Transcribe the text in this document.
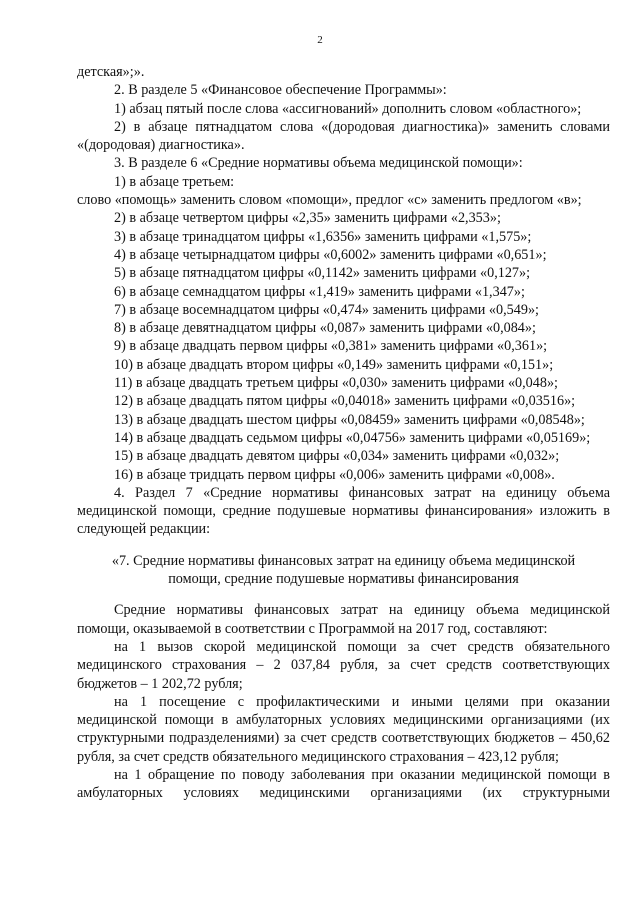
2

детская»;».

2. В разделе 5 «Финансовое обеспечение Программы»:

1) абзац пятый после слова «ассигнований» дополнить словом «областного»;

2) в абзаце пятнадцатом слова «(дородовая диагностика)» заменить словами «(дородовая) диагностика».

3. В разделе 6 «Средние нормативы объема медицинской помощи»:

1) в абзаце третьем:

слово «помощь» заменить словом «помощи», предлог «с» заменить предлогом «в»;

2) в абзаце четвертом цифры «2,35» заменить цифрами «2,353»;

3) в абзаце тринадцатом цифры «1,6356» заменить цифрами «1,575»;

4) в абзаце четырнадцатом цифры «0,6002» заменить цифрами «0,651»;

5) в абзаце пятнадцатом цифры «0,1142» заменить цифрами «0,127»;

6) в абзаце семнадцатом цифры «1,419» заменить цифрами «1,347»;

7) в абзаце восемнадцатом цифры «0,474» заменить цифрами «0,549»;

8) в абзаце девятнадцатом цифры «0,087» заменить цифрами «0,084»;

9) в абзаце двадцать первом цифры «0,381» заменить цифрами «0,361»;

10) в абзаце двадцать втором цифры «0,149» заменить цифрами «0,151»;

11) в абзаце двадцать третьем цифры «0,030» заменить цифрами «0,048»;

12) в абзаце двадцать пятом цифры «0,04018» заменить цифрами «0,03516»;

13) в абзаце двадцать шестом цифры «0,08459» заменить цифрами «0,08548»;

14) в абзаце двадцать седьмом цифры «0,04756» заменить цифрами «0,05169»;

15) в абзаце двадцать девятом цифры «0,034» заменить цифрами «0,032»;

16) в абзаце тридцать первом цифры «0,006» заменить цифрами «0,008».

4. Раздел 7 «Средние нормативы финансовых затрат на единицу объема медицинской помощи, средние подушевые нормативы финансирования» изложить в следующей редакции:

«7. Средние нормативы финансовых затрат на единицу объема медицинской
помощи, средние подушевые нормативы финансирования

Средние нормативы финансовых затрат на единицу объема медицинской помощи, оказываемой в соответствии с Программой на 2017 год, составляют:

на 1 вызов скорой медицинской помощи за счет средств обязательного медицинского страхования – 2 037,84 рубля, за счет средств соответствующих бюджетов – 1 202,72 рубля;

на 1 посещение с профилактическими и иными целями при оказании медицинской помощи в амбулаторных условиях медицинскими организациями (их структурными подразделениями) за счет средств соответствующих бюджетов – 450,62 рубля, за счет средств обязательного медицинского страхования – 423,12 рубля;

на 1 обращение по поводу заболевания при оказании медицинской помощи в амбулаторных условиях медицинскими организациями (их структурными
